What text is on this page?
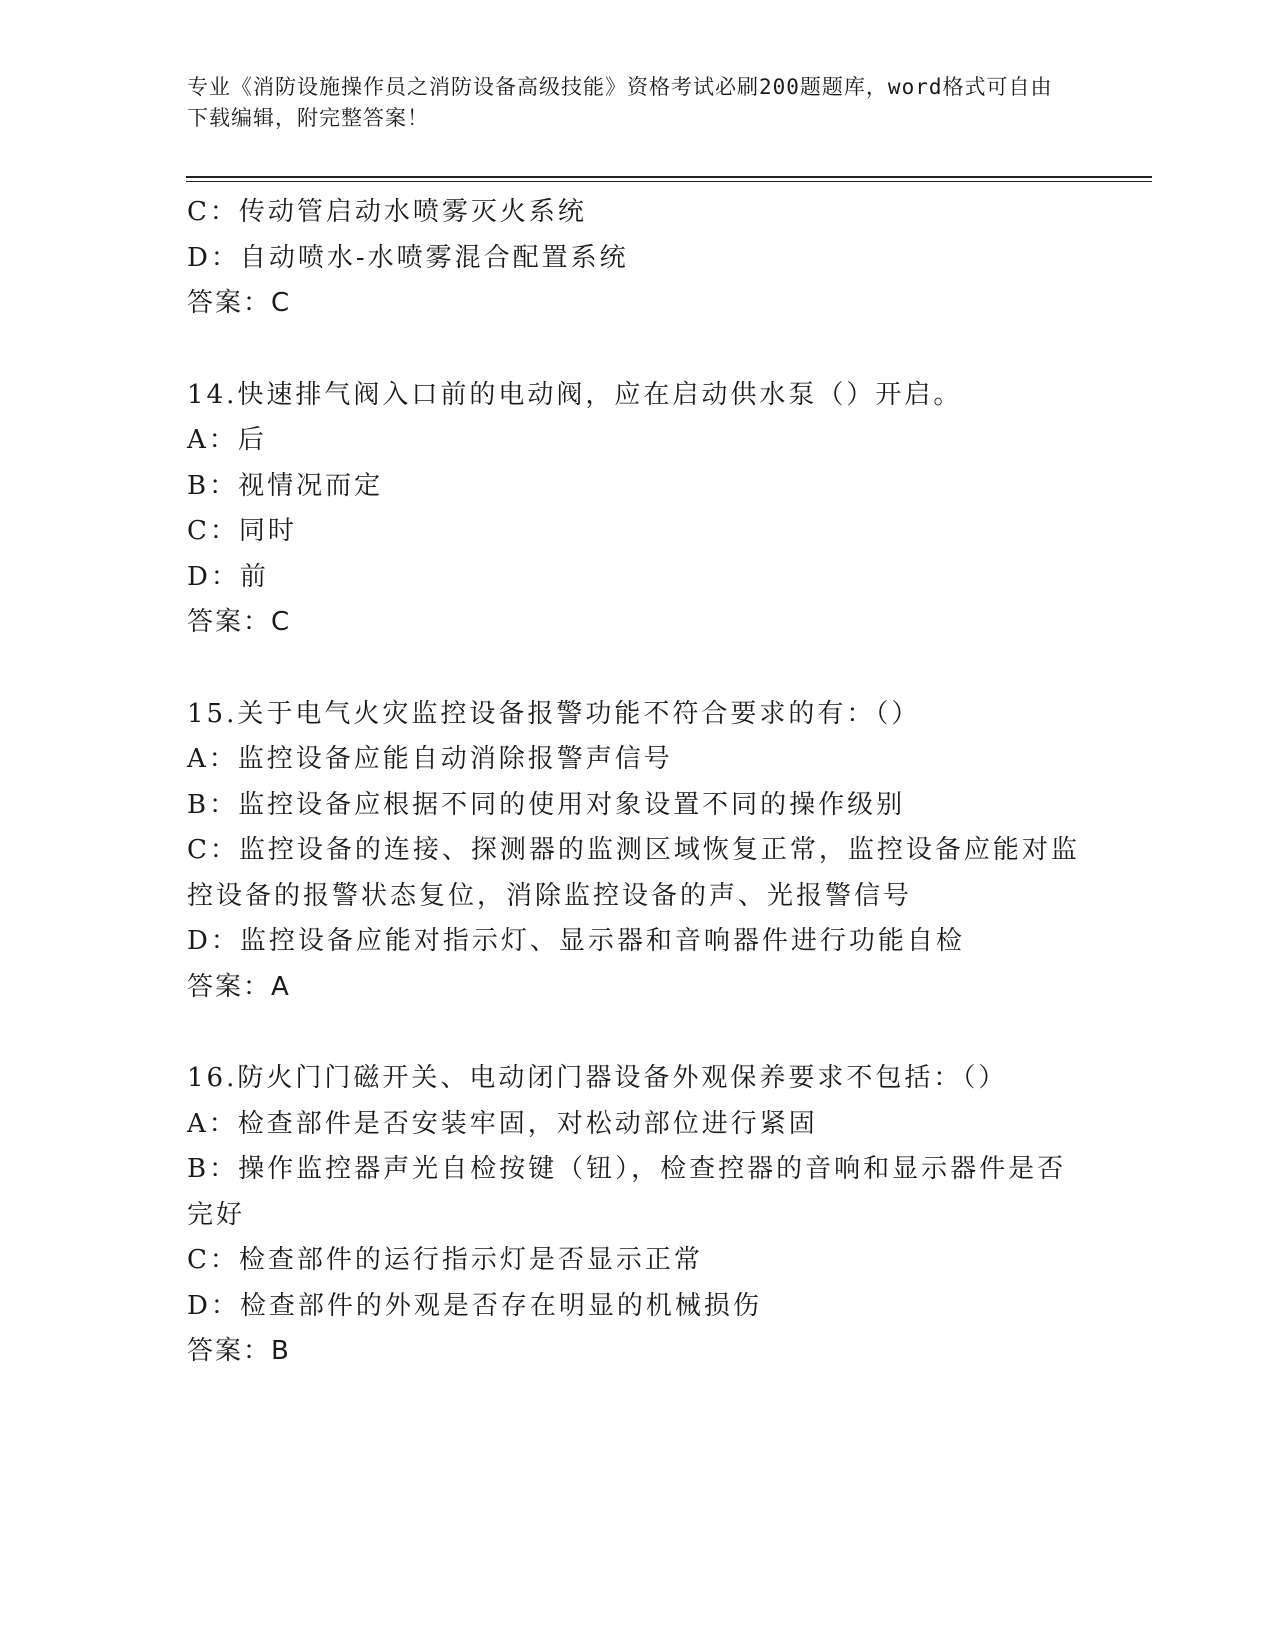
专业《消防设施操作员之消防设备高级技能》资格考试必刷200题题库，word格式可自由下载编辑，附完整答案！
C：传动管启动水喷雾灭火系统
D：自动喷水-水喷雾混合配置系统
答案：C
14.快速排气阀入口前的电动阀，应在启动供水泵（）开启。
A：后
B：视情况而定
C：同时
D：前
答案：C
15.关于电气火灾监控设备报警功能不符合要求的有：（）
A：监控设备应能自动消除报警声信号
B：监控设备应根据不同的使用对象设置不同的操作级别
C：监控设备的连接、探测器的监测区域恢复正常，监控设备应能对监
控设备的报警状态复位，消除监控设备的声、光报警信号
D：监控设备应能对指示灯、显示器和音响器件进行功能自检
答案：A
16.防火门门磁开关、电动闭门器设备外观保养要求不包括：（）
A：检查部件是否安装牢固，对松动部位进行紧固
B：操作监控器声光自检按键（钮），检查控器的音响和显示器件是否
完好
C：检查部件的运行指示灯是否显示正常
D：检查部件的外观是否存在明显的机械损伤
答案：B
